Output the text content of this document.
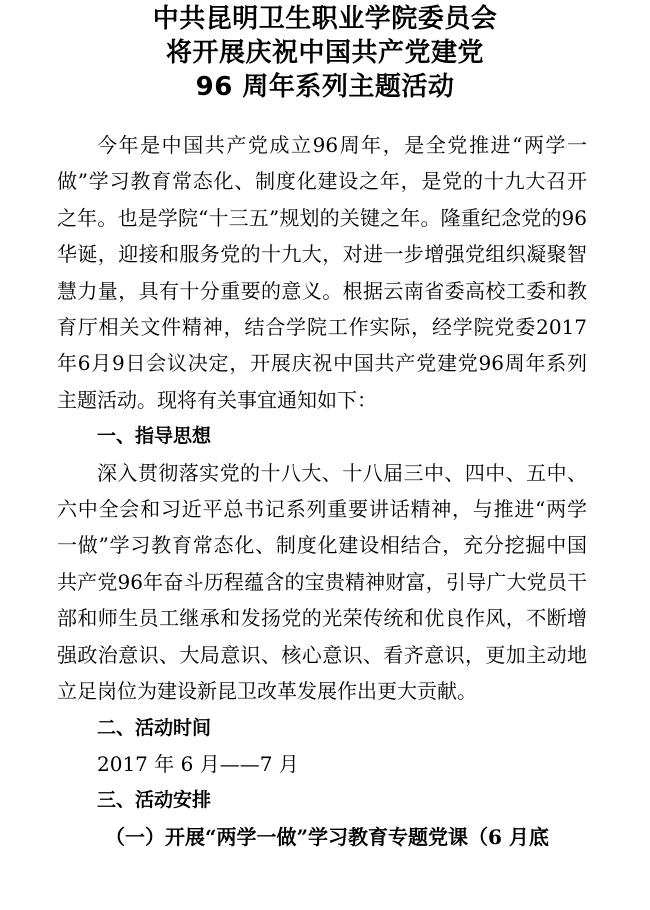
中共昆明卫生职业学院委员会

将开展庆祝中国共产党建党

96 周年系列主题活动

今年是中国共产党成立96周年，是全党推进“两学一做”学习教育常态化、制度化建设之年，是党的十九大召开之年。也是学院“十三五”规划的关键之年。隆重纪念党的96华诞，迎接和服务党的十九大，对进一步增强党组织凝聚智慧力量，具有十分重要的意义。根据云南省委高校工委和教育厅相关文件精神，结合学院工作实际，经学院党委2017年6月9日会议决定，开展庆祝中国共产党建党96周年系列主题活动。现将有关事宜通知如下：

一、指导思想

深入贯彻落实党的十八大、十八届三中、四中、五中、六中全会和习近平总书记系列重要讲话精神，与推进“两学一做”学习教育常态化、制度化建设相结合，充分挖掘中国共产党96年奋斗历程蕴含的宝贵精神财富，引导广大党员干部和师生员工继承和发扬党的光荣传统和优良作风，不断增强政治意识、大局意识、核心意识、看齐意识，更加主动地立足岗位为建设新昆卫改革发展作出更大贡献。

二、活动时间

2017 年 6 月——7 月

三、活动安排

（一）开展“两学一做”学习教育专题党课（6 月底
